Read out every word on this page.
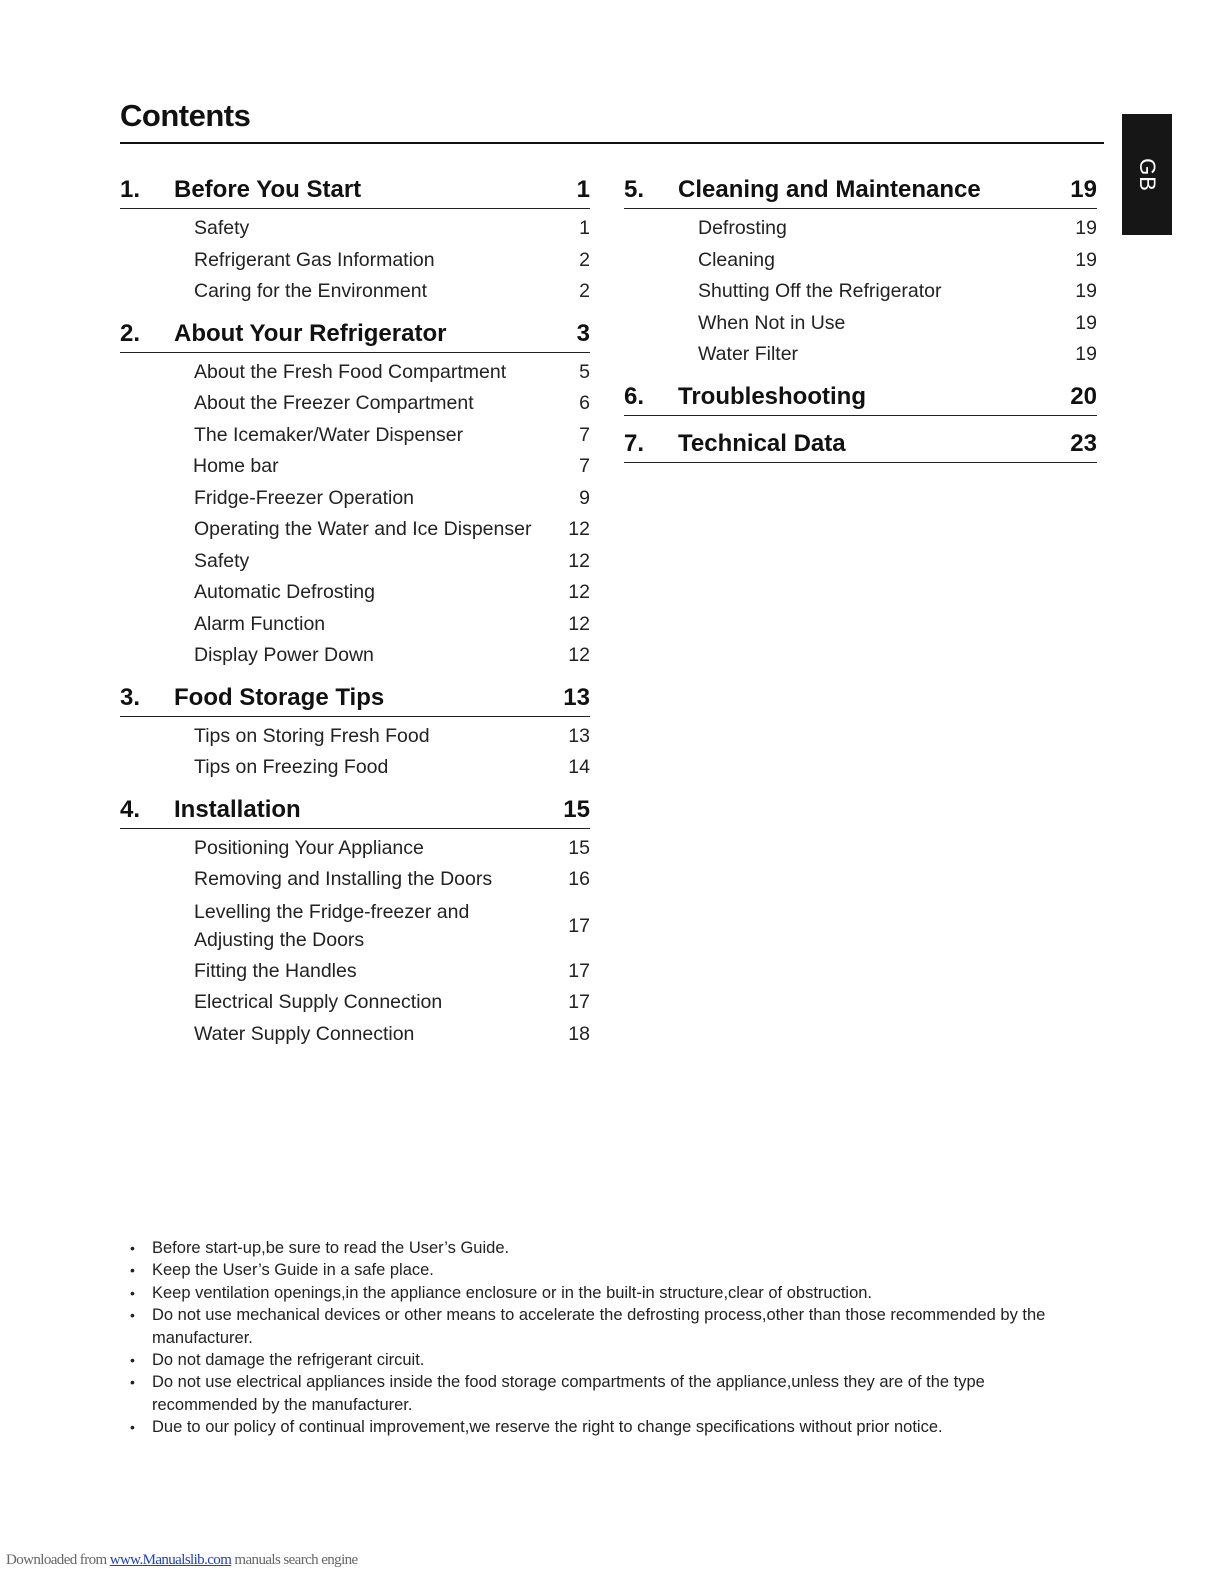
Contents
GB
1.	Before You Start	1
Safety	1
Refrigerant Gas Information	2
Caring for the Environment	2
2.	About Your Refrigerator	3
About the Fresh Food Compartment	5
About the Freezer Compartment	6
The Icemaker/Water Dispenser	7
Home bar	7
Fridge-Freezer Operation	9
Operating the Water and Ice Dispenser	12
Safety	12
Automatic Defrosting	12
Alarm Function	12
Display Power Down	12
3.	Food Storage Tips	13
Tips on Storing Fresh Food	13
Tips on Freezing Food	14
4.	Installation	15
Positioning Your Appliance	15
Removing and Installing the Doors	16
Levelling the Fridge-freezer and
Adjusting the Doors
17
Fitting the Handles	17
Electrical Supply Connection	17
Water Supply Connection	18
5.	Cleaning and Maintenance	19
Defrosting	19
Cleaning	19
Shutting Off the Refrigerator	19
When Not in Use	19
Water Filter	19
6.	Troubleshooting	20
7.	Technical Data	23
• Before start-up,be sure to read the User’s Guide.
• Keep the User’s Guide in a safe place.
• Keep ventilation openings,in the appliance enclosure or in the built-in structure,clear of obstruction.
• Do not use mechanical devices or other means to accelerate the defrosting process,other than those recommended by the manufacturer.
• Do not damage the refrigerant circuit.
• Do not use electrical appliances inside the food storage compartments of the appliance,unless they are of the type recommended by the manufacturer.
• Due to our policy of continual improvement,we reserve the right to change specifications without prior notice.
Downloaded from www.Manualslib.com manuals search engine
